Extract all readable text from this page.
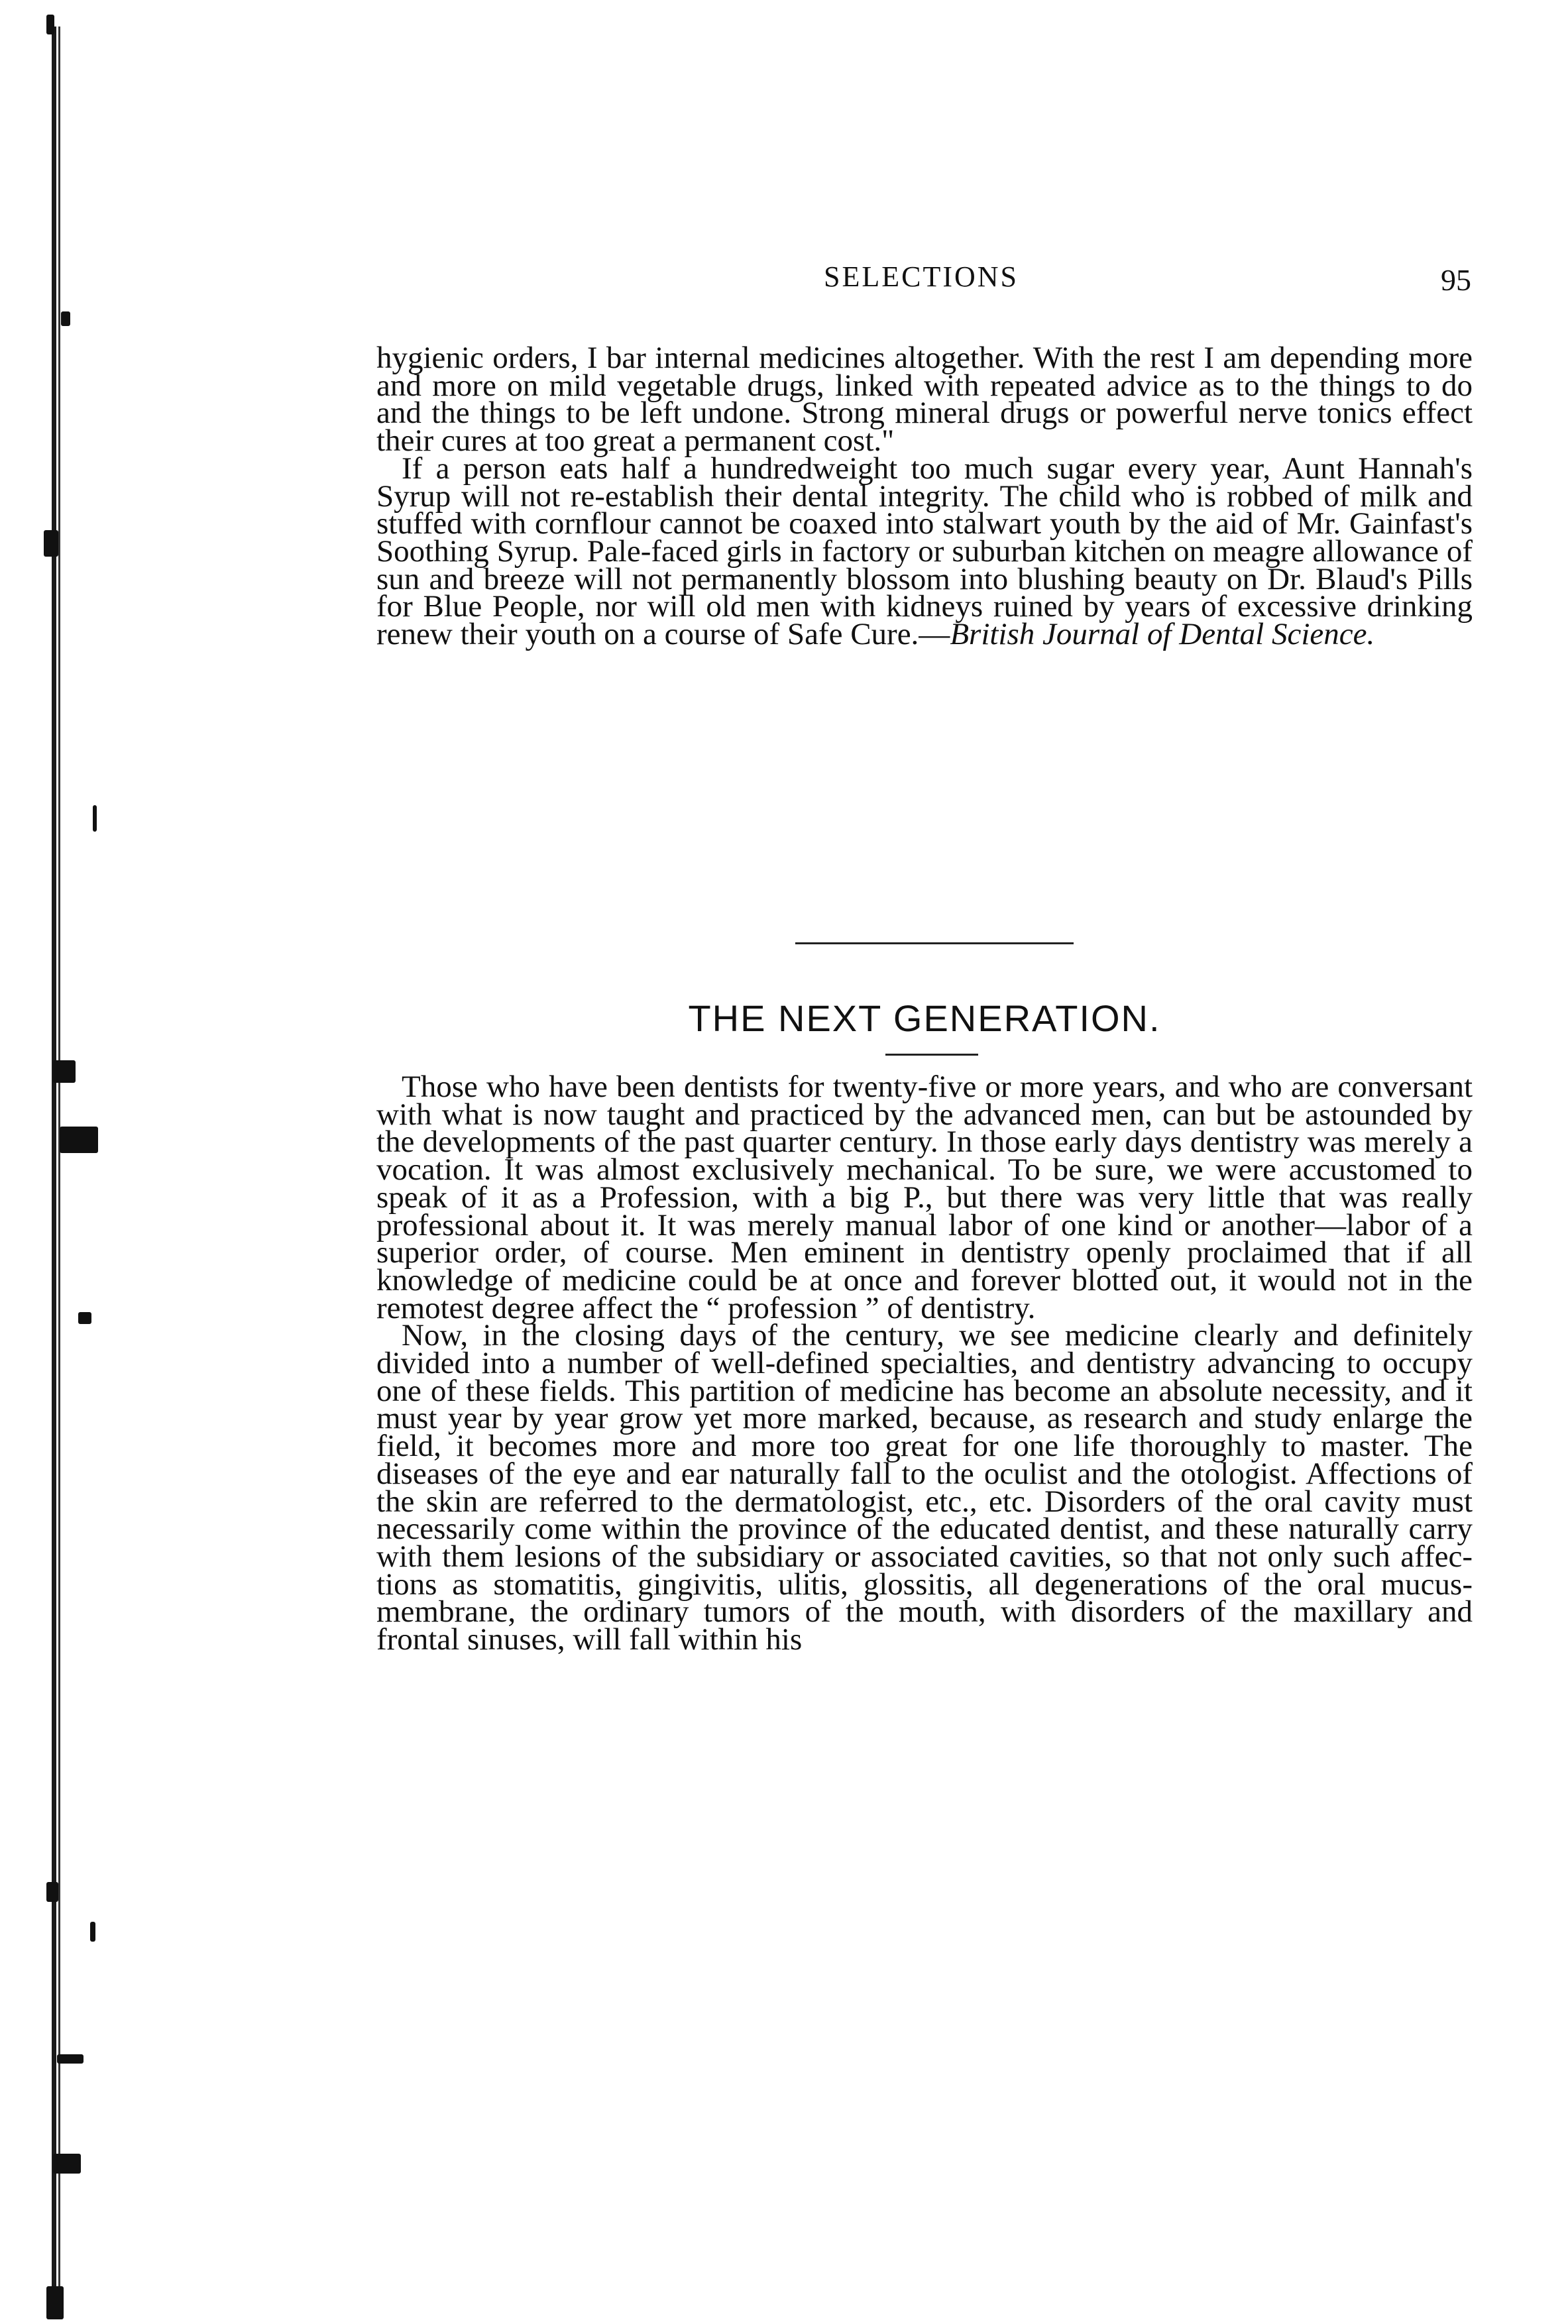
SELECTIONS	95

hygienic orders, I bar internal medicines altogether. With the rest I am depending more and more on mild vegetable drugs, linked with repeated advice as to the things to do and the things to be left undone. Strong mineral drugs or powerful nerve tonics effect their cures at too great a permanent cost."

If a person eats half a hundredweight too much sugar every year, Aunt Hannah's Syrup will not re-establish their dental integrity. The child who is robbed of milk and stuffed with cornflour cannot be coaxed into stalwart youth by the aid of Mr. Gainfast's Soothing Syrup. Pale-faced girls in factory or suburban kitchen on meagre allowance of sun and breeze will not permanently blossom into blushing beauty on Dr. Blaud's Pills for Blue People, nor will old men with kidneys ruined by years of excessive drinking renew their youth on a course of Safe Cure.—British Journal of Dental Science.

THE NEXT GENERATION.

Those who have been dentists for twenty-five or more years, and who are conversant with what is now taught and practiced by the advanced men, can but be astounded by the developments of the past quarter century. In those early days dentistry was merely a vocation. It was almost exclusively mechanical. To be sure, we were accustomed to speak of it as a Profession, with a big P., but there was very little that was really professional about it. It was merely manual labor of one kind or another—labor of a superior order, of course. Men eminent in dentistry openly proclaimed that if all knowledge of medicine could be at once and forever blotted out, it would not in the remotest degree affect the “ profession ” of dentistry.

Now, in the closing days of the century, we see medicine clearly and definitely divided into a number of well-defined specialties, and dentistry advancing to occupy one of these fields. This partition of medicine has become an absolute necessity, and it must year by year grow yet more marked, because, as research and study enlarge the field, it becomes more and more too great for one life thoroughly to master. The diseases of the eye and ear naturally fall to the oculist and the otologist. Affections of the skin are referred to the dermatologist, etc., etc. Disorders of the oral cavity must necessarily come within the province of the educated dentist, and these naturally carry with them lesions of the subsidiary or associated cavities, so that not only such affections as stomatitis, gingivitis, ulitis, glossitis, all degenerations of the oral mucus-membrane, the ordinary tumors of the mouth, with disorders of the maxillary and frontal sinuses, will fall within his
